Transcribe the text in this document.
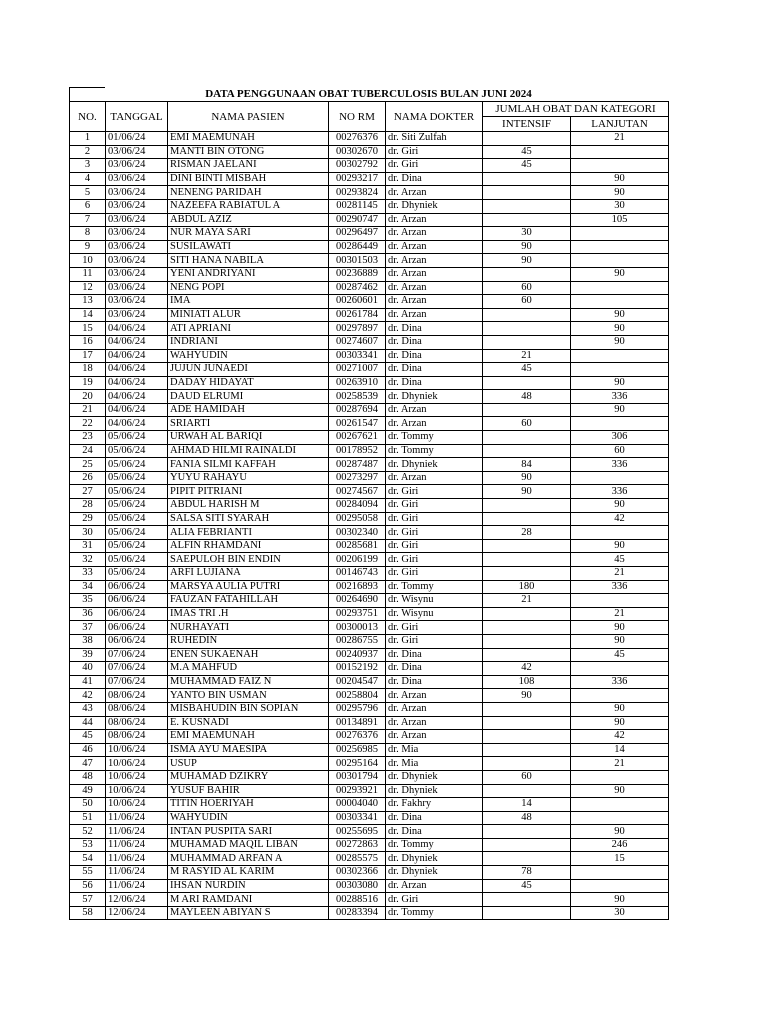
DATA PENGGUNAAN OBAT TUBERCULOSIS BULAN JUNI 2024
NO.	TANGGAL	NAMA PASIEN	NO RM	NAMA DOKTER	JUMLAH OBAT DAN KATEGORI	
					INTENSIF	LANJUTAN
1	01/06/24	EMI MAEMUNAH	00276376	dr. Siti Zulfah		21
2	03/06/24	MANTI BIN OTONG	00302670	dr. Giri	45	
3	03/06/24	RISMAN JAELANI	00302792	dr. Giri	45	
4	03/06/24	DINI BINTI MISBAH	00293217	dr. Dina		90
5	03/06/24	NENENG PARIDAH	00293824	dr. Arzan		90
6	03/06/24	NAZEEFA RABIATUL A	00281145	dr. Dhyniek		30
7	03/06/24	ABDUL AZIZ	00290747	dr. Arzan		105
8	03/06/24	NUR MAYA SARI	00296497	dr. Arzan	30	
9	03/06/24	SUSILAWATI	00286449	dr. Arzan	90	
10	03/06/24	SITI HANA NABILA	00301503	dr. Arzan	90	
11	03/06/24	YENI ANDRIYANI	00236889	dr. Arzan		90
12	03/06/24	NENG POPI	00287462	dr. Arzan	60	
13	03/06/24	IMA	00260601	dr. Arzan	60	
14	03/06/24	MINIATI ALUR	00261784	dr. Arzan		90
15	04/06/24	ATI APRIANI	00297897	dr. Dina		90
16	04/06/24	INDRIANI	00274607	dr. Dina		90
17	04/06/24	WAHYUDIN	00303341	dr. Dina	21	
18	04/06/24	JUJUN JUNAEDI	00271007	dr. Dina	45	
19	04/06/24	DADAY HIDAYAT	00263910	dr. Dina		90
20	04/06/24	DAUD ELRUMI	00258539	dr. Dhyniek	48	336
21	04/06/24	ADE HAMIDAH	00287694	dr. Arzan		90
22	04/06/24	SRIARTI	00261547	dr. Arzan	60	
23	05/06/24	URWAH AL BARIQI	00267621	dr. Tommy		306
24	05/06/24	AHMAD HILMI RAINALDI	00178952	dr. Tommy		60
25	05/06/24	FANIA SILMI KAFFAH	00287487	dr. Dhyniek	84	336
26	05/06/24	YUYU RAHAYU	00273297	dr. Arzan	90	
27	05/06/24	PIPIT PITRIANI	00274567	dr. Giri	90	336
28	05/06/24	ABDUL HARISH M	00284094	dr. Giri		90
29	05/06/24	SALSA SITI SYARAH	00295058	dr. Giri		42
30	05/06/24	ALIA FEBRIANTI	00302340	dr. Giri	28	
31	05/06/24	ALFIN RHAMDANI	00285681	dr. Giri		90
32	05/06/24	SAEPULOH BIN ENDIN	00206199	dr. Giri		45
33	05/06/24	ARFI LUJIANA	00146743	dr. Giri		21
34	06/06/24	MARSYA AULIA PUTRI	00216893	dr. Tommy	180	336
35	06/06/24	FAUZAN FATAHILLAH	00264690	dr. Wisynu	21	
36	06/06/24	IMAS TRI .H	00293751	dr. Wisynu		21
37	06/06/24	NURHAYATI	00300013	dr. Giri		90
38	06/06/24	RUHEDIN	00286755	dr. Giri		90
39	07/06/24	ENEN SUKAENAH	00240937	dr. Dina		45
40	07/06/24	M.A MAHFUD	00152192	dr. Dina	42	
41	07/06/24	MUHAMMAD FAIZ N	00204547	dr. Dina	108	336
42	08/06/24	YANTO BIN USMAN	00258804	dr. Arzan	90	
43	08/06/24	MISBAHUDIN BIN SOPIAN	00295796	dr. Arzan		90
44	08/06/24	E. KUSNADI	00134891	dr. Arzan		90
45	08/06/24	EMI MAEMUNAH	00276376	dr. Arzan		42
46	10/06/24	ISMA AYU MAESIPA	00256985	dr. Mia		14
47	10/06/24	USUP	00295164	dr. Mia		21
48	10/06/24	MUHAMAD DZIKRY	00301794	dr. Dhyniek	60	
49	10/06/24	YUSUF BAHIR	00293921	dr. Dhyniek		90
50	10/06/24	TITIN HOERIYAH	00004040	dr. Fakhry	14	
51	11/06/24	WAHYUDIN	00303341	dr. Dina	48	
52	11/06/24	INTAN PUSPITA SARI	00255695	dr. Dina		90
53	11/06/24	MUHAMAD MAQIL LIBAN	00272863	dr. Tommy		246
54	11/06/24	MUHAMMAD ARFAN A	00285575	dr. Dhyniek		15
55	11/06/24	M RASYID AL KARIM	00302366	dr. Dhyniek	78	
56	11/06/24	IHSAN NURDIN	00303080	dr. Arzan	45	
57	12/06/24	M ARI RAMDANI	00288516	dr. Giri		90
58	12/06/24	MAYLEEN ABIYAN S	00283394	dr. Tommy		30
